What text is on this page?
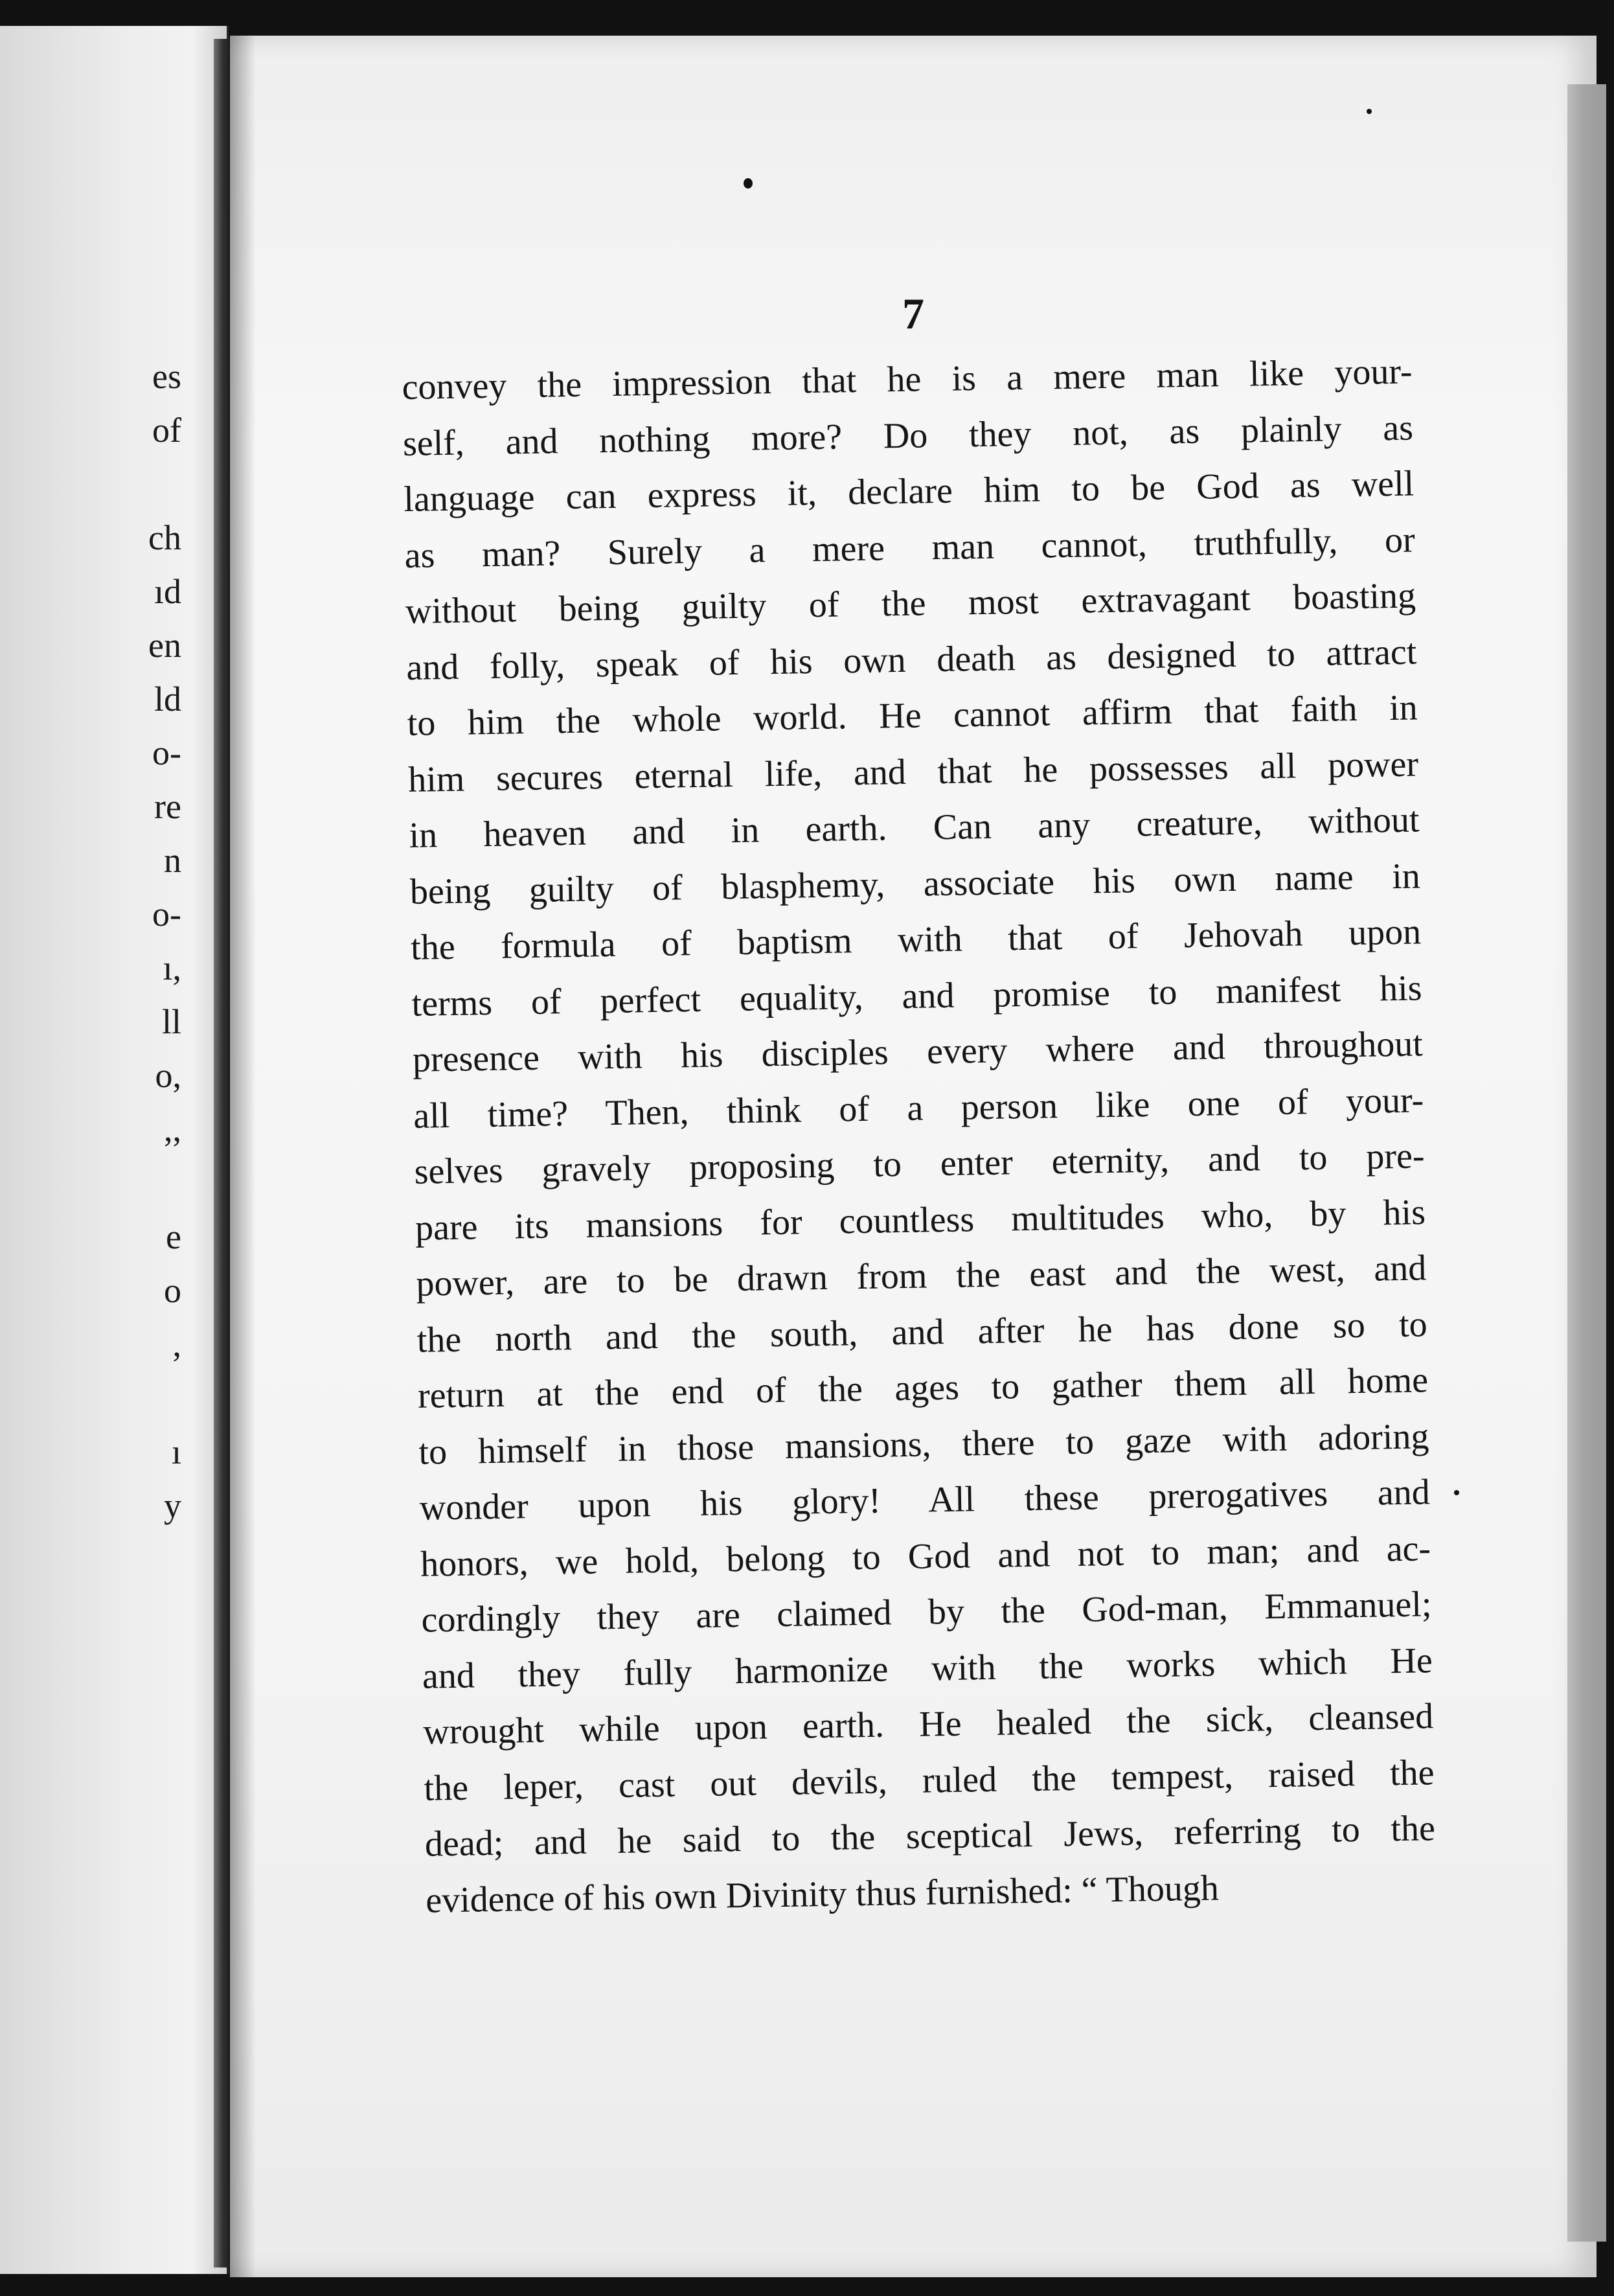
es
of
ch
ıd
en
ld
o-
re
n
o-
ı,
ll
o,
,,
e
o
,
ı
y
7
convey the impression that he is a mere man like your-
self, and nothing more? Do they not, as plainly as
language can express it, declare him to be God as well
as man? Surely a mere man cannot, truthfully, or
without being guilty of the most extravagant boasting
and folly, speak of his own death as designed to attract
to him the whole world. He cannot affirm that faith in
him secures eternal life, and that he possesses all power
in heaven and in earth. Can any creature, without
being guilty of blasphemy, associate his own name in
the formula of baptism with that of Jehovah upon
terms of perfect equality, and promise to manifest his
presence with his disciples every where and throughout
all time? Then, think of a person like one of your-
selves gravely proposing to enter eternity, and to pre-
pare its mansions for countless multitudes who, by his
power, are to be drawn from the east and the west, and
the north and the south, and after he has done so to
return at the end of the ages to gather them all home
to himself in those mansions, there to gaze with adoring
wonder upon his glory! All these prerogatives and
honors, we hold, belong to God and not to man; and ac-
cordingly they are claimed by the God-man, Emmanuel;
and they fully harmonize with the works which He
wrought while upon earth. He healed the sick, cleansed
the leper, cast out devils, ruled the tempest, raised the
dead; and he said to the sceptical Jews, referring to the
evidence of his own Divinity thus furnished: “ Though
